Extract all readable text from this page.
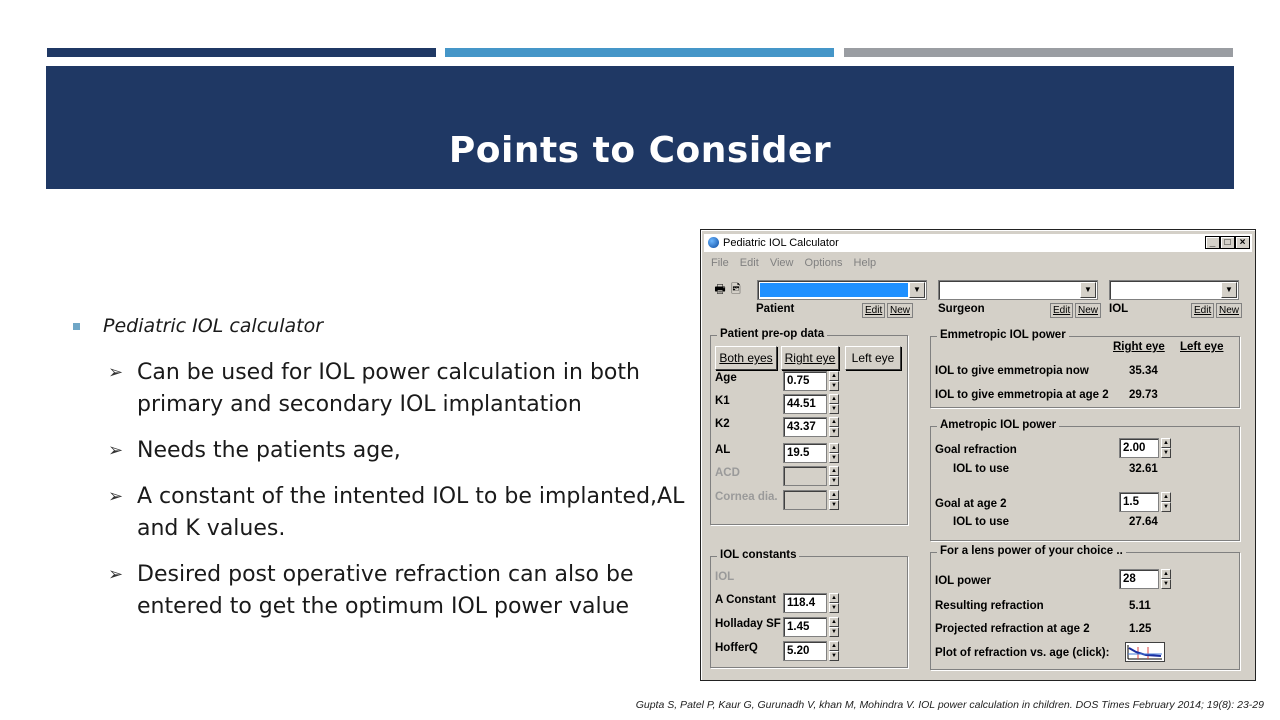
Points to Consider
Pediatric IOL calculator
➢ Can be used for IOL power calculation in both
primary and secondary IOL implantation
➢ Needs the patients age,
➢ A constant of the intented IOL to be implanted,AL
and K values.
➢ Desired post operative refraction can also be
entered to get the optimum IOL power value
Pediatric IOL Calculator	_ □ ×
File Edit View Options Help
🖶 🖻	▼	▼	▼
Patient	Edit New Surgeon	Edit New IOL	Edit New
Patient pre-op data
Both eyes Right eye	Left eye
Age	0.75	▲
▼
K1	44.51	▲
▼
K2	43.37	▲
▼
AL	19.5	▲
▼
ACD	▲
▼
Cornea dia.	▲
▼
IOL constants
IOL
A Constant 118.4	▲
▼
Holladay SF 1.45	▲
▼
HofferQ	5.20	▲
▼
Emmetropic IOL power
Right eye Left eye
IOL to give emmetropia now	35.34
IOL to give emmetropia at age 2 29.73
Ametropic IOL power
Goal refraction	2.00	▲
▼
IOL to use	32.61
Goal at age 2	1.5	▲
▼
IOL to use	27.64
For a lens power of your choice ..
IOL power	28	▲
▼
Resulting refraction	5.11
Projected refraction at age 2	1.25
Plot of refraction vs. age (click):
Gupta S, Patel P, Kaur G, Gurunadh V, khan M, Mohindra V. IOL power calculation in children. DOS Times February 2014; 19(8): 23-29
